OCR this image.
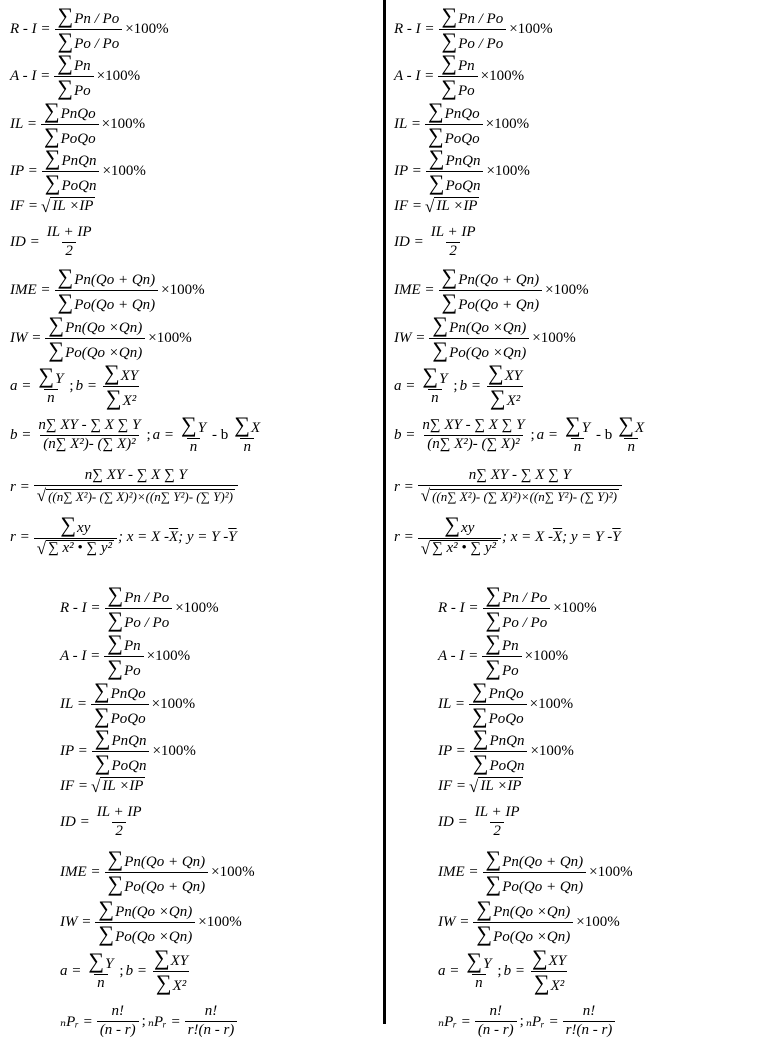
$R - I = \frac{\sum Pn / Po}{\sum Po / Po} \times 100\%$
$A - I = \frac{\sum Pn}{\sum Po} \times 100\%$
IL = $\frac{\text{∑PnQo}}{\text{∑PoQo}} \times 100\%$
IP = $\frac{\text{∑PnQn}}{\text{∑PoQn}} \times 100\%$
IF = √ IL ×IP
ID = $\frac{IL + IP}{2}$
IME = $\frac{\sum Pn(Qo + Qn)}{\sum Po(Qo + Qn)} \times 100\%$
IW = $\frac{\sum Pn(Qo \times Qn)}{\sum Po(Qo \times Qn)} \times 100\%$
$a = \frac{\sum Y}{n}$ ; $b = \frac{\sum XY}{\text{∑X²}}$
$b = \frac{n\sum XY - \sum X \sum Y}{\text{(n∑ X²)- (∑ X)²}}$ ; $a = \frac{\sum Y}{n} - b \frac{\sum X}{n}$
$r = \frac{n\sum XY - \sum X \sum Y}{\text{√ ((n∑ X²)- (∑ X)²)×((n∑ Y²)- (∑ Y)²)}}$
$r = \frac{\sum xy}{\text{√ ∑ x² • ∑ y²}}$ ; $x = X - \overline{X}$ ; $y = Y - \overline{Y}$
$R - I = \frac{\sum Pn / Po}{\sum Po / Po} \times 100\%$
$A - I = \frac{\sum Pn}{\sum Po} \times 100\%$
IL = $\frac{\text{∑PnQo}}{\text{∑PoQo}} \times 100\%$
IP = $\frac{\text{∑PnQn}}{\text{∑PoQn}} \times 100\%$
IF = √ IL ×IP
ID = $\frac{IL + IP}{2}$
IME = $\frac{\sum Pn(Qo + Qn)}{\sum Po(Qo + Qn)} \times 100\%$
IW = $\frac{\sum Pn(Qo \times Qn)}{\sum Po(Qo \times Qn)} \times 100\%$
$a = \frac{\sum Y}{n}$ ; $b = \frac{\sum XY}{\text{∑X²}}$
$b = \frac{n\sum XY - \sum X \sum Y}{\text{(n∑ X²)- (∑ X)²}}$ ; $a = \frac{\sum Y}{n} - b \frac{\sum X}{n}$
$r = \frac{n\sum XY - \sum X \sum Y}{\text{√ ((n∑ X²)- (∑ X)²)×((n∑ Y²)- (∑ Y)²)}}$
$r = \frac{\sum xy}{\text{√ ∑ x² • ∑ y²}}$ ; $x = X - \overline{X}$ ; $y = Y - \overline{Y}$
$R - I = \frac{\sum Pn / Po}{\sum Po / Po} \times 100\%$
$A - I = \frac{\sum Pn}{\sum Po} \times 100\%$
IL = $\frac{\text{∑PnQo}}{\text{∑PoQo}} \times 100\%$
IP = $\frac{\text{∑PnQn}}{\text{∑PoQn}} \times 100\%$
IF = √ IL ×IP
ID = $\frac{IL + IP}{2}$
IME = $\frac{\sum Pn(Qo + Qn)}{\sum Po(Qo + Qn)} \times 100\%$
IW = $\frac{\sum Pn(Qo \times Qn)}{\sum Po(Qo \times Qn)} \times 100\%$
$a = \frac{\sum Y}{n}$ ; $b = \frac{\sum XY}{\text{∑X²}}$
ₙPᵣ = $\frac{n!}{(n - r)}$ ; ₙPᵣ = $\frac{n!}{r!(n - r)}$
$R - I = \frac{\sum Pn / Po}{\sum Po / Po} \times 100\%$
$A - I = \frac{\sum Pn}{\sum Po} \times 100\%$
IL = $\frac{\text{∑PnQo}}{\text{∑PoQo}} \times 100\%$
IP = $\frac{\text{∑PnQn}}{\text{∑PoQn}} \times 100\%$
IF = √ IL ×IP
ID = $\frac{IL + IP}{2}$
IME = $\frac{\sum Pn(Qo + Qn)}{\sum Po(Qo + Qn)} \times 100\%$
IW = $\frac{\sum Pn(Qo \times Qn)}{\sum Po(Qo \times Qn)} \times 100\%$
$a = \frac{\sum Y}{n}$ ; $b = \frac{\sum XY}{\text{∑X²}}$
ₙPᵣ = $\frac{n!}{(n - r)}$ ; ₙPᵣ = $\frac{n!}{r!(n - r)}$
